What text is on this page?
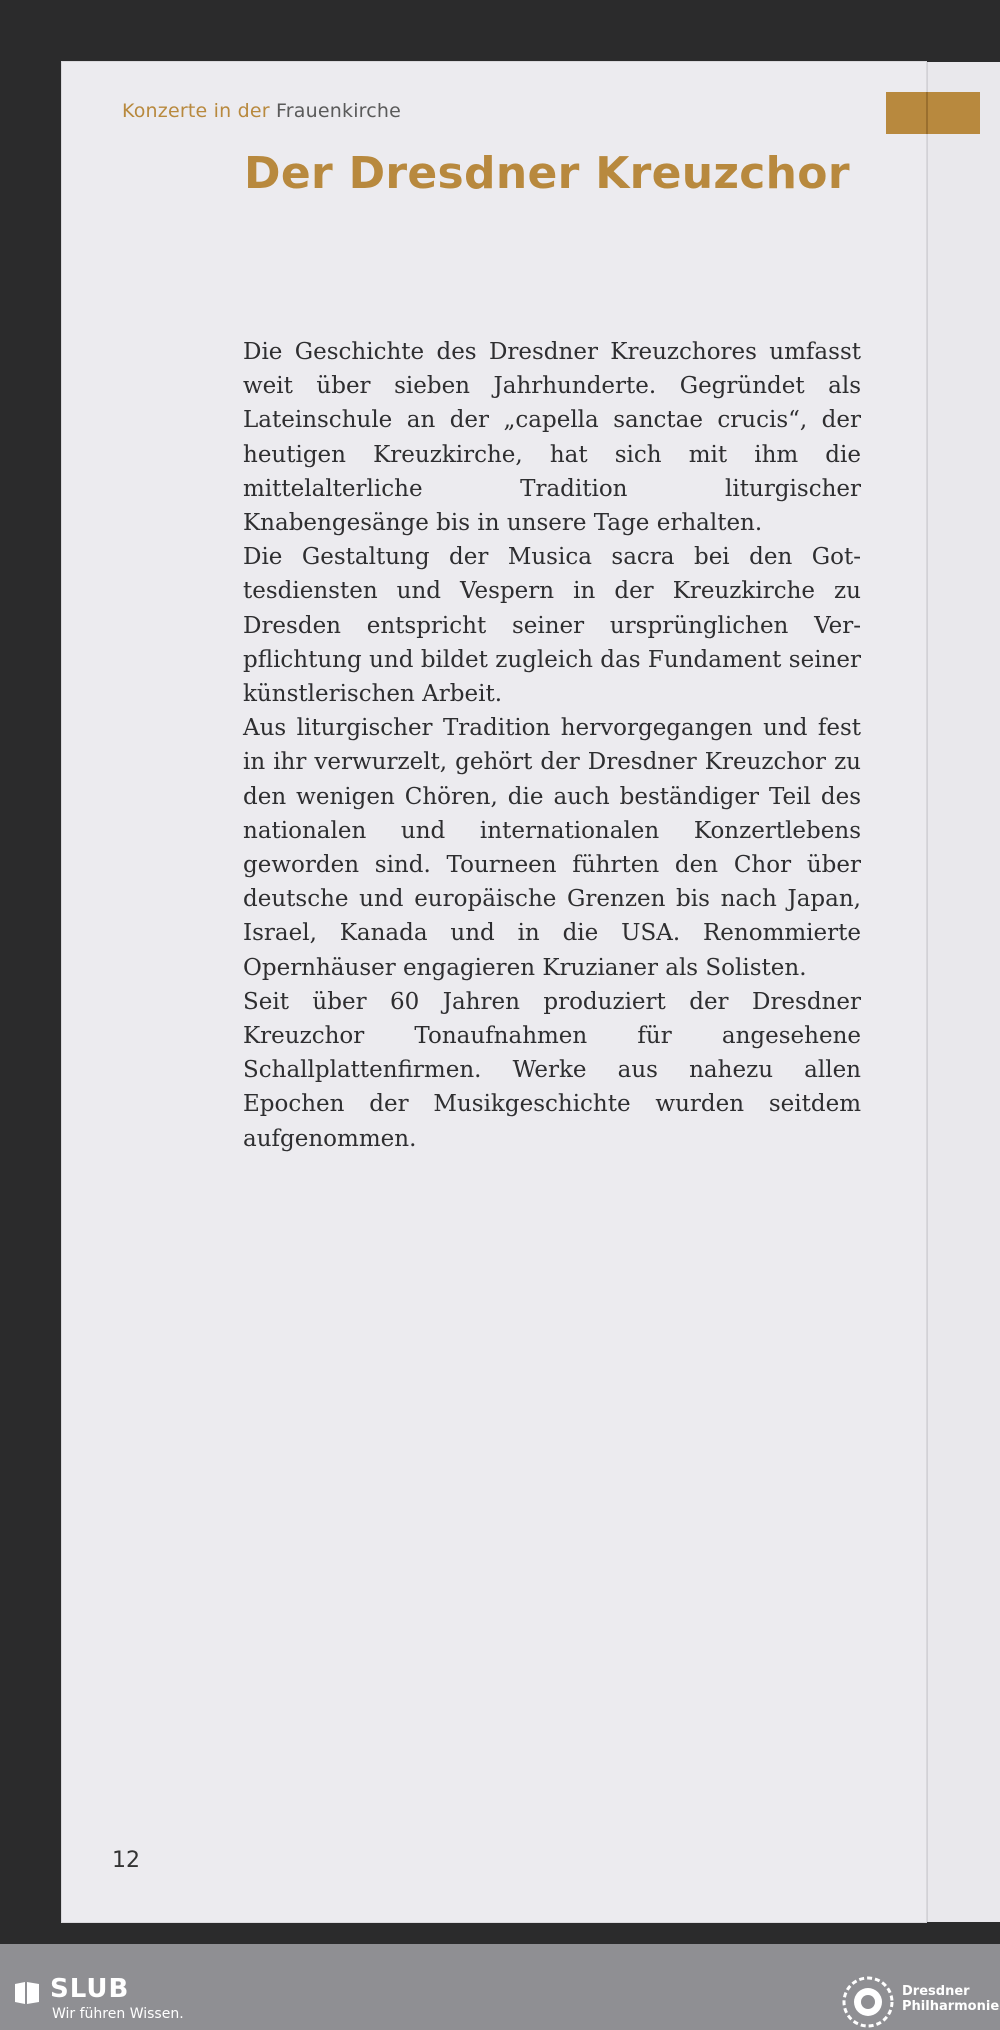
Konzerte in der Frauenkirche
Der Dresdner Kreuzchor

Die Geschichte des Dresdner Kreuzchores umfasst weit über sieben Jahrhunderte. Gegründet als Lateinschule an der „capella sanctae crucis“, der heutigen Kreuzkirche, hat sich mit ihm die mittelalterliche Tradition liturgischer Knabengesänge bis in unsere Tage erhalten.

Die Gestaltung der Musica sacra bei den Gottesdiensten und Vespern in der Kreuzkirche zu Dresden entspricht seiner ursprünglichen Verpflichtung und bildet zugleich das Fundament seiner künstlerischen Arbeit.

Aus liturgischer Tradition hervorgegangen und fest in ihr verwurzelt, gehört der Dresdner Kreuzchor zu den wenigen Chören, die auch beständiger Teil des nationalen und internationalen Konzertlebens geworden sind. Tourneen führten den Chor über deutsche und europäische Grenzen bis nach Japan, Israel, Kanada und in die USA. Renommierte Opernhäuser engagieren Kruzianer als Solisten.

Seit über 60 Jahren produziert der Dresdner Kreuzchor Tonaufnahmen für angesehene Schallplattenfirmen. Werke aus nahezu allen Epochen der Musikgeschichte wurden seitdem aufgenommen.

12
SLUB
Wir führen Wissen.
Dresdner
Philharmonie
